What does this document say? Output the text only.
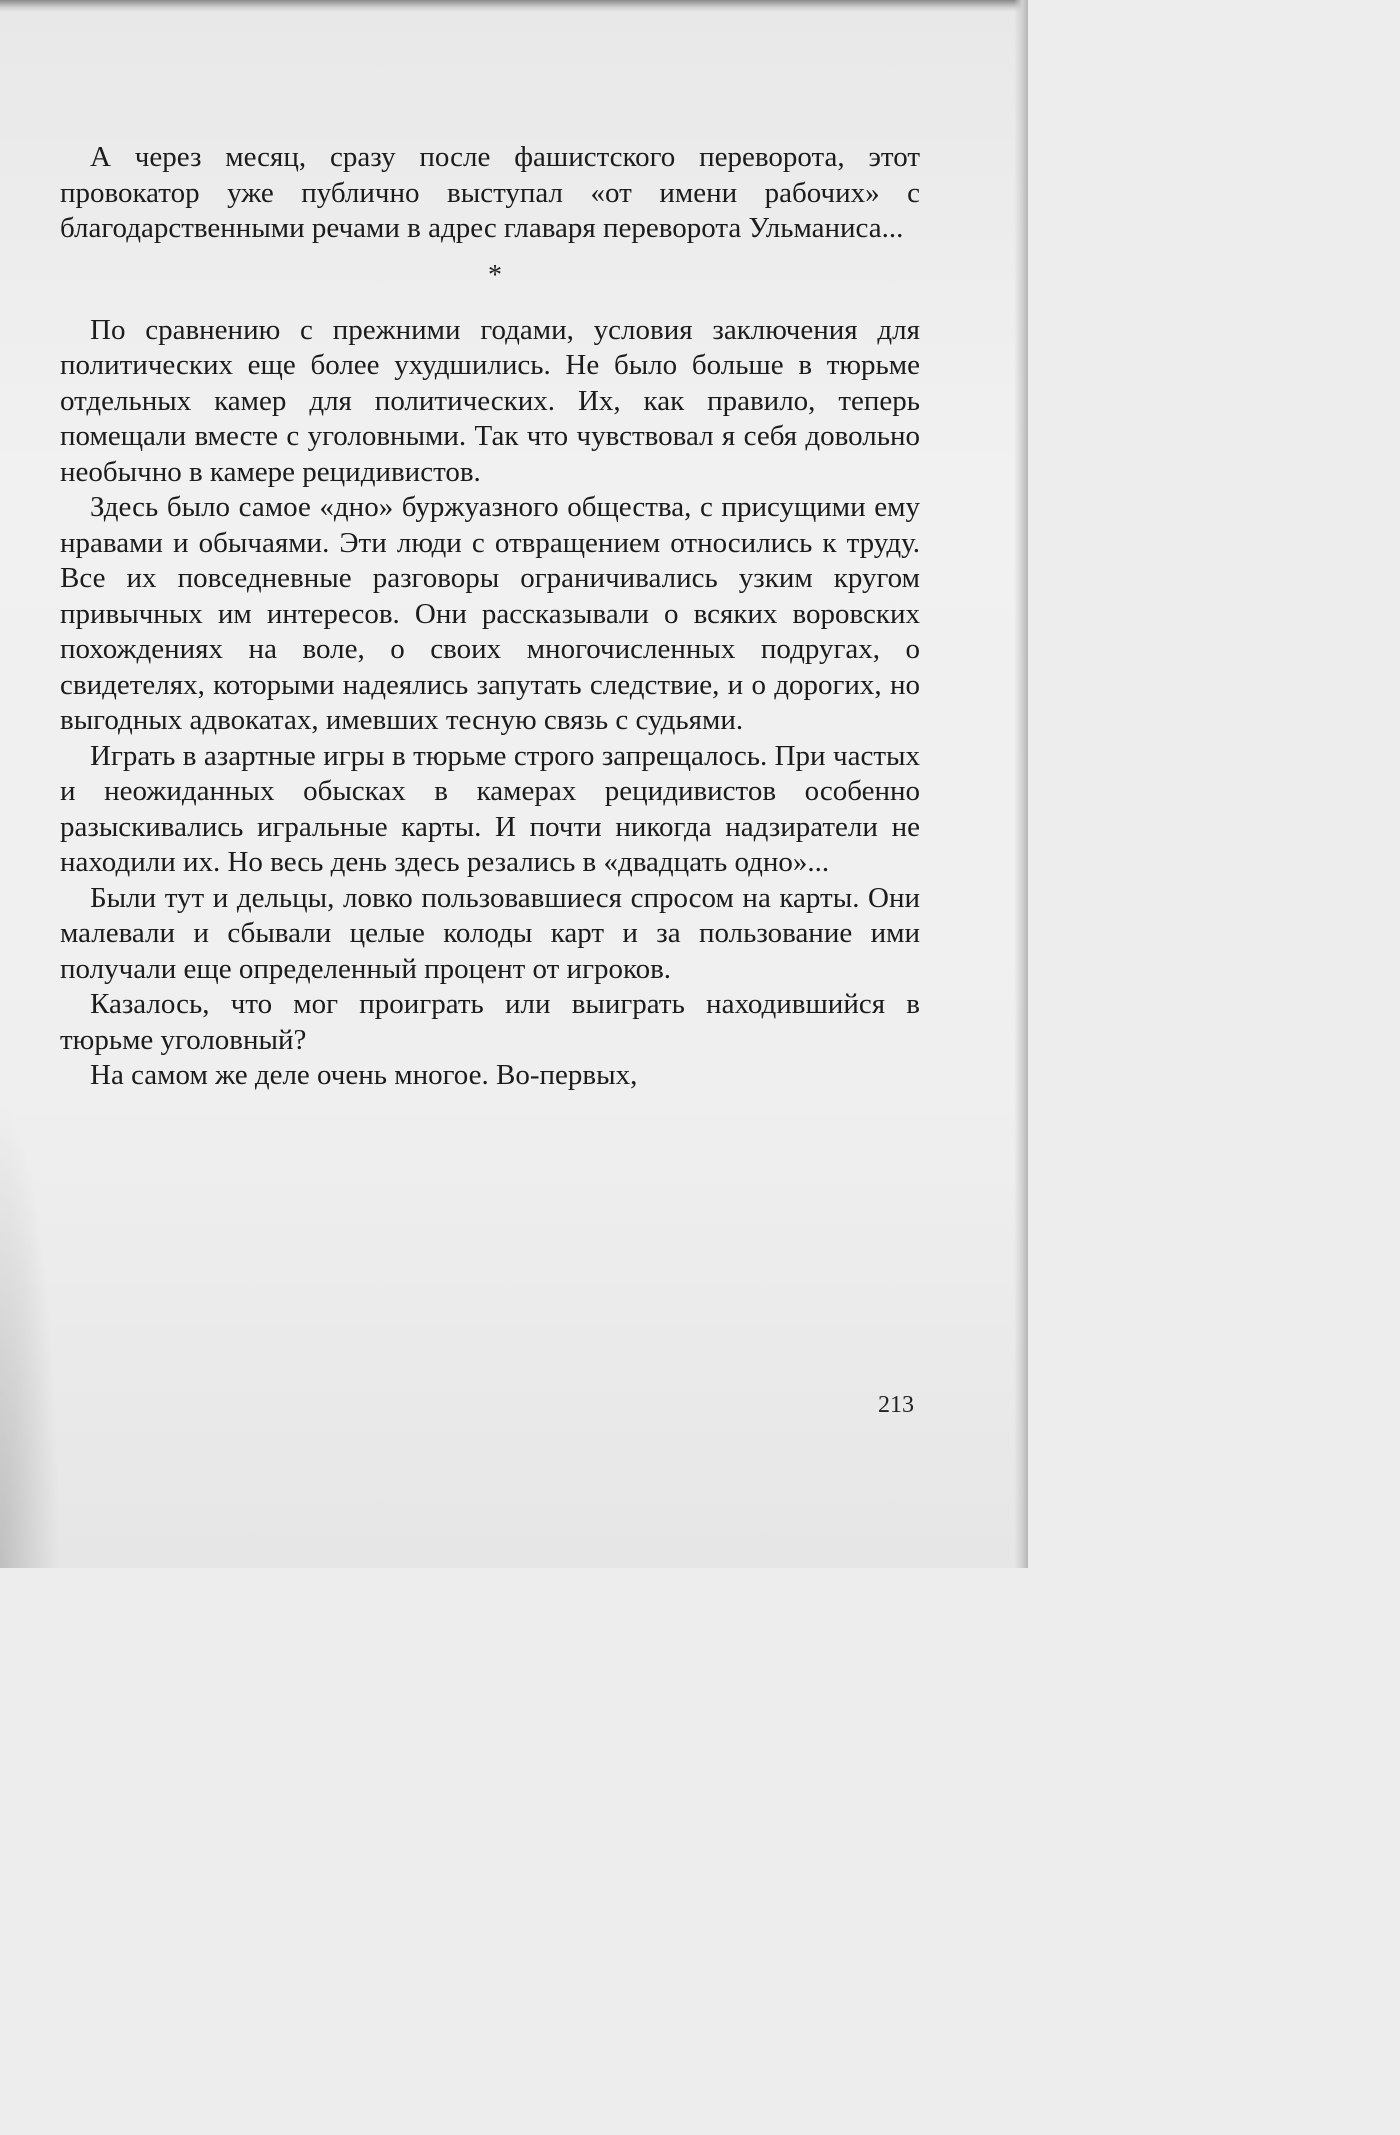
А через месяц, сразу после фашистского переворота, этот провокатор уже публично выступал «от имени рабочих» с благодарственными речами в адрес главаря переворота Ульманиса...

*

По сравнению с прежними годами, условия заключения для политических еще более ухудшились. Не было больше в тюрьме отдельных камер для политических. Их, как правило, теперь помещали вместе с уголовными. Так что чувствовал я себя довольно необычно в камере рецидивистов.

Здесь было самое «дно» буржуазного общества, с присущими ему нравами и обычаями. Эти люди с отвращением относились к труду. Все их повседневные разговоры ограничивались узким кругом привычных им интересов. Они рассказывали о всяких воровских похождениях на воле, о своих многочисленных подругах, о свидетелях, которыми надеялись запутать следствие, и о дорогих, но выгодных адвокатах, имевших тесную связь с судьями.

Играть в азартные игры в тюрьме строго запрещалось. При частых и неожиданных обысках в камерах рецидивистов особенно разыскивались игральные карты. И почти никогда надзиратели не находили их. Но весь день здесь резались в «двадцать одно»...

Были тут и дельцы, ловко пользовавшиеся спросом на карты. Они малевали и сбывали целые колоды карт и за пользование ими получали еще определенный процент от игроков.

Казалось, что мог проиграть или выиграть находившийся в тюрьме уголовный?

На самом же деле очень многое. Во-первых,

213
